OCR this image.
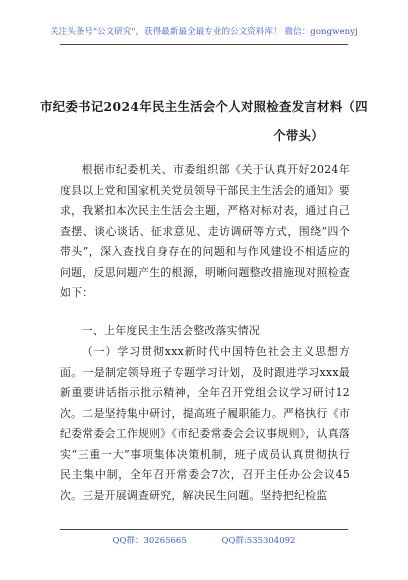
关注头条号"公文研究"，获得最新最全最专业的公文资料库！ 微信：gongwenyj
市纪委书记2024年民主生活会个人对照检查发言材料（四
个带头）
根据市纪委机关、市委组织部《关于认真开好2024年度县以上党和国家机关党员领导干部民主生活会的通知》要求，我紧扣本次民主生活会主题，严格对标对表，通过自己查摆、谈心谈话、征求意见、走访调研等方式，围绕“四个带头”，深入查找自身存在的问题和与作风建设不相适应的问题，反思问题产生的根源，明晰问题整改措施现对照检查如下：
一、上年度民主生活会整改落实情况
（一）学习贯彻xxx新时代中国特色社会主义思想方面。一是制定领导班子专题学习计划，及时跟进学习xxx最新重要讲话指示批示精神，全年召开党组会议学习研讨12次。二是坚持集中研讨，提高班子履职能力。严格执行《市纪委常委会工作规则》《市纪委常委会会议事规则》，认真落实“三重一大”事项集体决策机制，班子成员认真贯彻执行民主集中制，全年召开常委会7次，召开主任办公会议45次。三是开展调查研究，解决民生问题。坚持把纪检监
QQ群：30265665	QQ群:535304092
